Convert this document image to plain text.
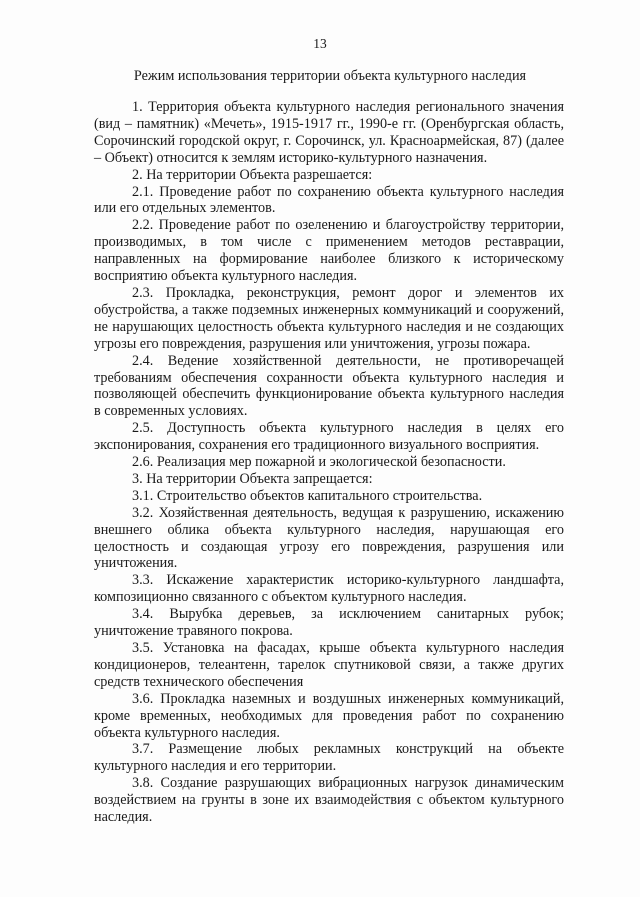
13
Режим использования территории объекта культурного наследия

1. Территория объекта культурного наследия регионального значения (вид – памятник) «Мечеть», 1915-1917 гг., 1990-е гг. (Оренбургская область, Сорочинский городской округ, г. Сорочинск, ул. Красноармейская, 87) (далее – Объект) относится к землям историко-культурного назначения.

2. На территории Объекта разрешается:

2.1. Проведение работ по сохранению объекта культурного наследия или его отдельных элементов.

2.2. Проведение работ по озеленению и благоустройству территории, производимых, в том числе с применением методов реставрации, направленных на формирование наиболее близкого к историческому восприятию объекта культурного наследия.

2.3. Прокладка, реконструкция, ремонт дорог и элементов их обустройства, а также подземных инженерных коммуникаций и сооружений, не нарушающих целостность объекта культурного наследия и не создающих угрозы его повреждения, разрушения или уничтожения, угрозы пожара.

2.4. Ведение хозяйственной деятельности, не противоречащей требованиям обеспечения сохранности объекта культурного наследия и позволяющей обеспечить функционирование объекта культурного наследия в современных условиях.

2.5. Доступность объекта культурного наследия в целях его экспонирования, сохранения его традиционного визуального восприятия.

2.6. Реализация мер пожарной и экологической безопасности.

3. На территории Объекта запрещается:

3.1. Строительство объектов капитального строительства.

3.2. Хозяйственная деятельность, ведущая к разрушению, искажению внешнего облика объекта культурного наследия, нарушающая его целостность и создающая угрозу его повреждения, разрушения или уничтожения.

3.3. Искажение характеристик историко-культурного ландшафта, композиционно связанного с объектом культурного наследия.

3.4. Вырубка деревьев, за исключением санитарных рубок; уничтожение травяного покрова.

3.5. Установка на фасадах, крыше объекта культурного наследия кондиционеров, телеантенн, тарелок спутниковой связи, а также других средств технического обеспечения

3.6. Прокладка наземных и воздушных инженерных коммуникаций, кроме временных, необходимых для проведения работ по сохранению объекта культурного наследия.

3.7. Размещение любых рекламных конструкций на объекте культурного наследия и его территории.

3.8. Создание разрушающих вибрационных нагрузок динамическим воздействием на грунты в зоне их взаимодействия с объектом культурного наследия.
